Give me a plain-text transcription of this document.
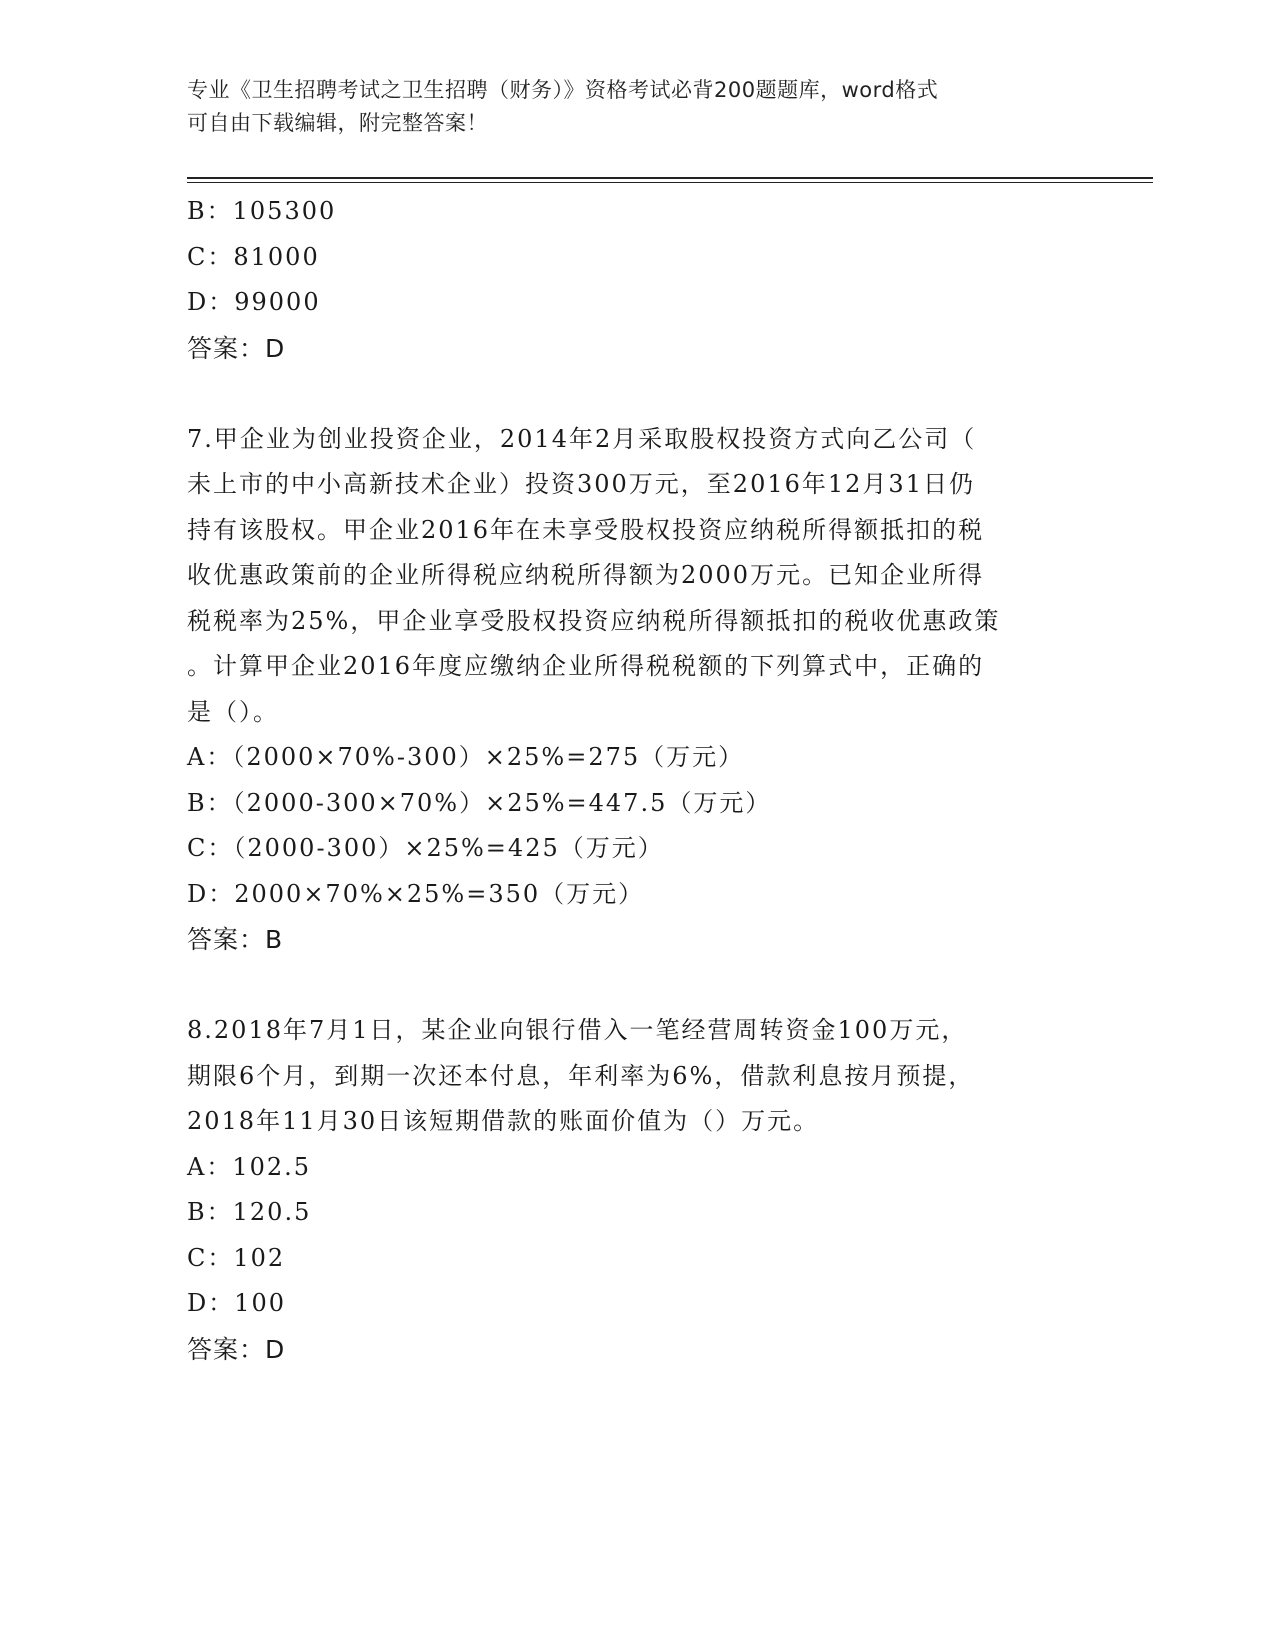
专业《卫生招聘考试之卫生招聘（财务）》资格考试必背200题题库，word格式
可自由下载编辑，附完整答案！
B：105300
C：81000
D：99000
答案：D
7.甲企业为创业投资企业，2014年2月采取股权投资方式向乙公司（
未上市的中小高新技术企业）投资300万元，至2016年12月31日仍
持有该股权。甲企业2016年在未享受股权投资应纳税所得额抵扣的税
收优惠政策前的企业所得税应纳税所得额为2000万元。已知企业所得
税税率为25%，甲企业享受股权投资应纳税所得额抵扣的税收优惠政策
。计算甲企业2016年度应缴纳企业所得税税额的下列算式中，正确的
是（）。
A：（2000×70%-300）×25%=275（万元）
B：（2000-300×70%）×25%=447.5（万元）
C：（2000-300）×25%=425（万元）
D：2000×70%×25%=350（万元）
答案：B
8.2018年7月1日，某企业向银行借入一笔经营周转资金100万元，
期限6个月，到期一次还本付息，年利率为6%，借款利息按月预提，
2018年11月30日该短期借款的账面价值为（）万元。
A：102.5
B：120.5
C：102
D：100
答案：D
